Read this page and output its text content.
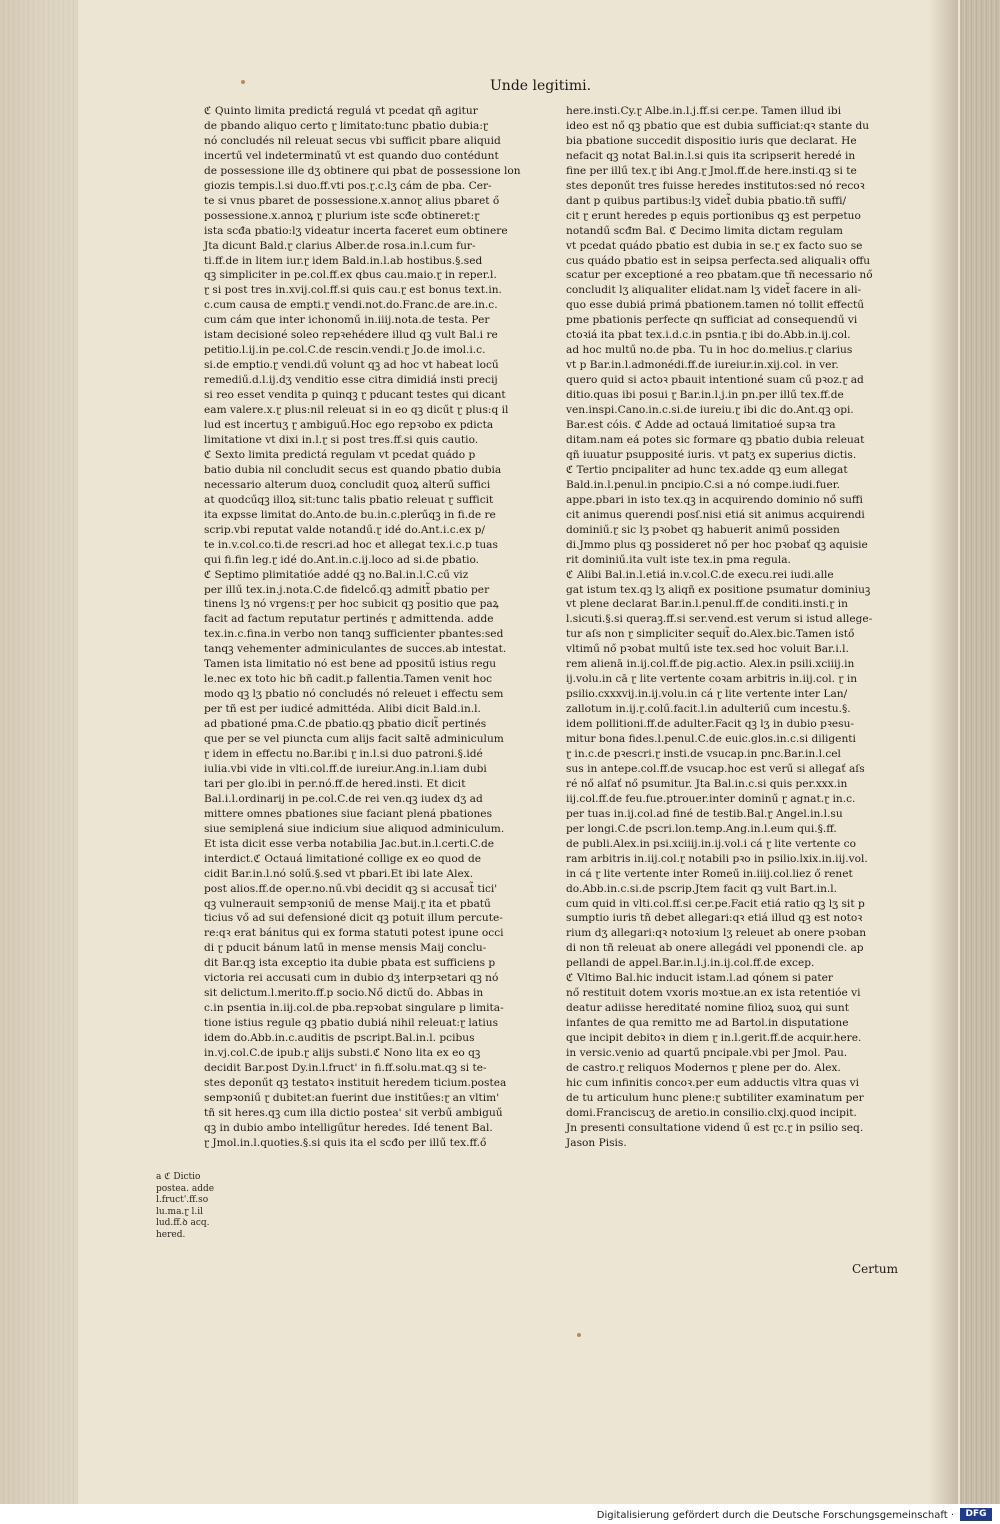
Unde legitimi.

ℭ Quinto limita predictá regulá vt pcedat qñ agitur

de pbando aliquo certo ɽ limitato:tunc pbatio dubia:ɽ

nó concludés nil releuat secus vbi sufficit pbare aliquid

incertű vel indeterminatű vt est quando duo contédunt

de possessione ille dʒ obtinere qui pbat de possessione lon

giozis tempis.l.si duo.ff.vti pos.ɽ.c.lʒ cám de pba. Cer-

te si vnus pbaret de possessione.x.annoɽ alius pbaret ő

possessione.x.annoꝝ ɽ plurium iste scđe obtineret:ɽ

ista scđa pbatio:lʒ videatur incerta faceret eum obtinere

Jta dicunt Bald.ɽ clarius Alber.de rosa.in.l.cum fur-

ti.ff.de in litem iur.ɽ idem Bald.in.l.ab hostibus.§.sed

qꝫ simpliciter in pe.col.ff.ex qbus cau.maio.ɽ in reper.l.

ɽ si post tres in.xvij.col.ff.si quis cau.ɽ est bonus text.in.

c.cum causa de empti.ɽ vendi.not.do.Franc.de are.in.c.

cum cám que inter ichonomű in.iiij.nota.de testa. Per

istam decisioné soleo repꝛehédere illud qꝫ vult Bal.i re

petitio.l.ij.in pe.col.C.de rescin.vendi.ɽ Jo.de imol.i.c.

si.de emptio.ɽ vendi.dű volunt qꝫ ad hoc vt habeat locű

remediű.d.l.ij.dʒ venditio esse citra dimidiá insti precij

si reo esset vendita p quinqꝫ ɽ pducant testes qui dicant

eam valere.x.ɽ plus:nil releuat si in eo qꝫ dicűt ɽ plus:q il

lud est incertuʒ ɽ ambiguű.Hoc ego repꝛobo ex pdicta

limitatione vt dixi in.l.ɽ si post tres.ff.si quis cautio.

ℭ Sexto limita predictá regulam vt pcedat quádo p

batio dubia nil concludit secus est quando pbatio dubia

necessario alterum duoꝝ concludit quoꝝ alterű suffici

at quodcűqꝫ illoꝝ sit:tunc talis pbatio releuat ɽ sufficit

ita expsse limitat do.Anto.de bu.in.c.plerűqꝫ in fi.de re

scrip.vbi reputat valde notandű.ɽ idé do.Ant.i.c.ex p/

te in.v.col.co.ti.de rescri.ad hoc et allegat tex.i.c.p tuas

qui fi.fin leg.ɽ idé do.Ant.in.c.ij.loco ad si.de pbatio.

ℭ Septimo plimitatióe addé qꝫ no.Bal.in.l.C.cű viz

per illű tex.in.j.nota.C.de fidelcő.qꝫ admitt̃ pbatio per

tinens lʒ nó vrgens:ɽ per hoc subicit qꝫ positio que paꝝ

facit ad factum reputatur pertinés ɽ admittenda. adde

tex.in.c.fina.in verbo non tanqꝫ sufficienter pbantes:sed

tanqꝫ vehementer adminiculantes de succes.ab intestat.

Tamen ista limitatio nó est bene ad ppositű istius regu

le.nec ex toto hic bñ cadit.p fallentia.Tamen venit hoc

modo qꝫ lʒ pbatio nó concludés nó releuet i effectu sem

per tñ est per iudicé admittéda. Alibi dicit Bald.in.l.

ad pbationé pma.C.de pbatio.qꝫ pbatio dicit̃ pertinés

que per se vel piuncta cum alijs facit saltē adminiculum

ɽ idem in effectu no.Bar.ibi ɽ in.l.si duo patroni.§.idé

iulia.vbi vide in vlti.col.ff.de iureiur.Ang.in.l.iam dubi

tari per glo.ibi in per.nó.ff.de hered.insti. Et dicit

Bal.i.l.ordinarij in pe.col.C.de rei ven.qꝫ iudex dʒ ad

mittere omnes pbationes siue faciant plená pbationes

siue semiplená siue indicium siue aliquod adminiculum.

Et ista dicit esse verba notabilia Jac.but.in.l.certi.C.de

interdict.ℭ Octauá limitationé collige ex eo quod de

cidit Bar.in.l.nó solű.§.sed vt pbari.Et ibi late Alex.

post alios.ff.de oper.no.nű.vbi decidit qꝫ si accusat̃ tici'

qꝫ vulnerauit sempꝛoniű de mense Maij.ɽ ita et pbatű

ticius vő ad sui defensioné dicit qꝫ potuit illum percute-

re:qꝛ erat bánitus qui ex forma statuti potest ipune occi

di ɽ pducit bánum latű in mense mensis Maij conclu-

dit Bar.qꝫ ista exceptio ita dubie pbata est sufficiens p

victoria rei accusati cum in dubio dʒ interpꝛetari qꝫ nó

sit delictum.l.merito.ff.p socio.Nő dictű do. Abbas in

c.in psentia in.iij.col.de pba.repꝛobat singulare p limita-

tione istius regule qꝫ pbatio dubiá nihil releuat:ɽ latius

idem do.Abb.in.c.auditis de pscript.Bal.in.l. pcibus

in.vj.col.C.de ipub.ɽ alijs substi.ℭ Nono lita ex eo qꝫ

decidit Bar.post Dy.in.l.fruct' in fi.ff.solu.mat.qꝫ si te-

stes deponűt qꝫ testatoꝛ instituit heredem ticium.postea

sempꝛoniű ɽ dubitet:an fuerint due institűes:ɽ an vltim'

tñ sit heres.qꝫ cum illa dictio postea' sit verbű ambiguű

qꝫ in dubio ambo intelligűtur heredes. Idé tenent Bal.

ɽ Jmol.in.l.quoties.§.si quis ita el scđo per illű tex.ff.ő

here.insti.Cy.ɽ Albe.in.l.j.ff.si cer.pe. Tamen illud ibi

ideo est nő qꝫ pbatio que est dubia sufficiat:qꝛ stante du

bia pbatione succedit dispositio iuris que declarat. He

nefacit qꝫ notat Bal.in.l.si quis ita scripserit heredé in

fine per illű tex.ɽ ibi Ang.ɽ Jmol.ff.de here.insti.qꝫ si te

stes deponűt tres fuisse heredes institutos:sed nó recoꝛ

dant p quibus partibus:lʒ videt̃ dubia pbatio.tñ suffi/

cit ɽ erunt heredes p equis portionibus qꝫ est perpetuo

notandű scđm Bal. ℭ Decimo limita dictam regulam

vt pcedat quádo pbatio est dubia in se.ɽ ex facto suo se

cus quádo pbatio est in seipsa perfecta.sed aliqualiꝛ offu

scatur per exceptioné a reo pbatam.que tñ necessario nő

concludit lʒ aliqualiter elidat.nam lʒ videt̃ facere in ali-

quo esse dubiá primá pbationem.tamen nó tollit effectű

pme pbationis perfecte qn sufficiat ad consequendű vi

ctoꝛiá ita pbat tex.i.d.c.in psntia.ɽ ibi do.Abb.in.ij.col.

ad hoc multű no.de pba. Tu in hoc do.melius.ɽ clarius

vt p Bar.in.l.admonédi.ff.de iureiur.in.xij.col. in ver.

quero quid si actoꝛ pbauit intentioné suam cű pꝛoz.ɽ ad

ditio.quas ibi posui ɽ Bar.in.l.j.in pn.per illű tex.ff.de

ven.inspi.Cano.in.c.si.de iureiu.ɽ ibi dic do.Ant.qꝫ opi.

Bar.est cóis. ℭ Adde ad octauá limitatioé supꝛa tra

ditam.nam eá potes sic formare qꝫ pbatio dubia releuat

qñ iuuatur psupposité iuris. vt patʒ ex superius dictis.

ℭ Tertio pncipaliter ad hunc tex.adde qꝫ eum allegat

Bald.in.l.penul.in pncipio.C.si a nó compe.iudi.fuer.

appe.pbari in isto tex.qꝫ in acquirendo dominio nő suffi

cit animus querendi posſ.nisi etiá sit animus acquirendi

dominiű.ɽ sic lʒ pꝛobet qꝫ habuerit animű possiden

di.Jmmo plus qꝫ possideret nő per hoc pꝛobať qꝫ aquisie

rit dominiű.ita vult iste tex.in pma regula.

ℭ Alibi Bal.in.l.etiá in.v.col.C.de execu.rei iudi.alle

gat istum tex.qꝫ lʒ aliqñ ex positione psumatur dominiuꝫ

vt plene declarat Bar.in.l.penul.ff.de conditi.insti.ɽ in

l.sicuti.§.si queraꝫ.ff.si ser.vend.est verum si istud allege-

tur aſs non ɽ simpliciter sequit̃ do.Alex.bic.Tamen istő

vltimű nő pꝛobat multű iste tex.sed hoc voluit Bar.i.l.

rem alienā in.ij.col.ff.de pig.actio. Alex.in psili.xciiij.in

ij.volu.in cā ɽ lite vertente coꝛam arbitris in.iij.col. ɽ in

psilio.cxxxvij.in.ij.volu.in cá ɽ lite vertente inter Lan/

zallotum in.ij.ɽ.colű.facit.l.in adulteriű cum incestu.§.

idem pollitioni.ff.de adulter.Facit qꝫ lʒ in dubio pꝛesu-

mitur bona fides.l.penul.C.de euic.glos.in.c.si diligenti

ɽ in.c.de pꝛescri.ɽ insti.de vsucap.in pnc.Bar.in.l.cel

sus in antepe.col.ff.de vsucap.hoc est verű si allegať aſs

ré nő alſať nő psumitur. Jta Bal.in.c.si quis per.xxx.in

iij.col.ff.de feu.fue.ptrouer.inter dominű ɽ agnat.ɽ in.c.

per tuas in.ij.col.ad finé de testib.Bal.ɽ Angel.in.l.su

per longi.C.de pscri.lon.temp.Ang.in.l.eum qui.§.ff.

de publi.Alex.in psi.xciiij.in.ij.vol.i cá ɽ lite vertente co

ram arbitris in.iij.col.ɽ notabili pꝛo in psilio.lxix.in.iij.vol.

in cá ɽ lite vertente inter Romeű in.iiij.col.liez ő renet

do.Abb.in.c.si.de pscrip.Jtem facit qꝫ vult Bart.in.l.

cum quid in vlti.col.ff.si cer.pe.Facit etiá ratio qꝫ lʒ sit p

sumptio iuris tñ debet allegari:qꝛ etiá illud qꝫ est notoꝛ

rium dʒ allegari:qꝛ notoꝛium lʒ releuet ab onere pꝛoban

di non tñ releuat ab onere allegádi vel pponendi cle. ap

pellandi de appel.Bar.in.l.j.in.ij.col.ff.de excep.

ℭ Vltimo Bal.hic inducit istam.l.ad qónem si pater

nő restituit dotem vxoris moꝛtue.an ex ista retentióe vi

deatur adiisse hereditaté nomine filioꝝ suoꝝ qui sunt

infantes de qua remitto me ad Bartol.in disputatione

que incipit debitoꝛ in diem ɽ in.l.gerit.ff.de acquir.here.

in versic.venio ad quartű pncipale.vbi per Jmol. Pau.

de castro.ɽ reliquos Modernos ɽ plene per do. Alex.

hic cum infinitis concoꝛ.per eum adductis vltra quas vi

de tu articulum hunc plene:ɽ subtiliter examinatum per

domi.Franciscuʒ de aretio.in consilio.clxj.quod incipit.

Jn presenti consultatione vidend ű est ɽc.ɽ in psilio seq.

Jason Pisis.

a ℭ Dictio

postea. adde

l.fruct'.ff.so

lu.ma.ɽ l.il

lud.ff.ꝺ acq.

hered.

Certum
Digitalisierung gefördert durch die Deutsche Forschungsgemeinschaft ·	DFG
